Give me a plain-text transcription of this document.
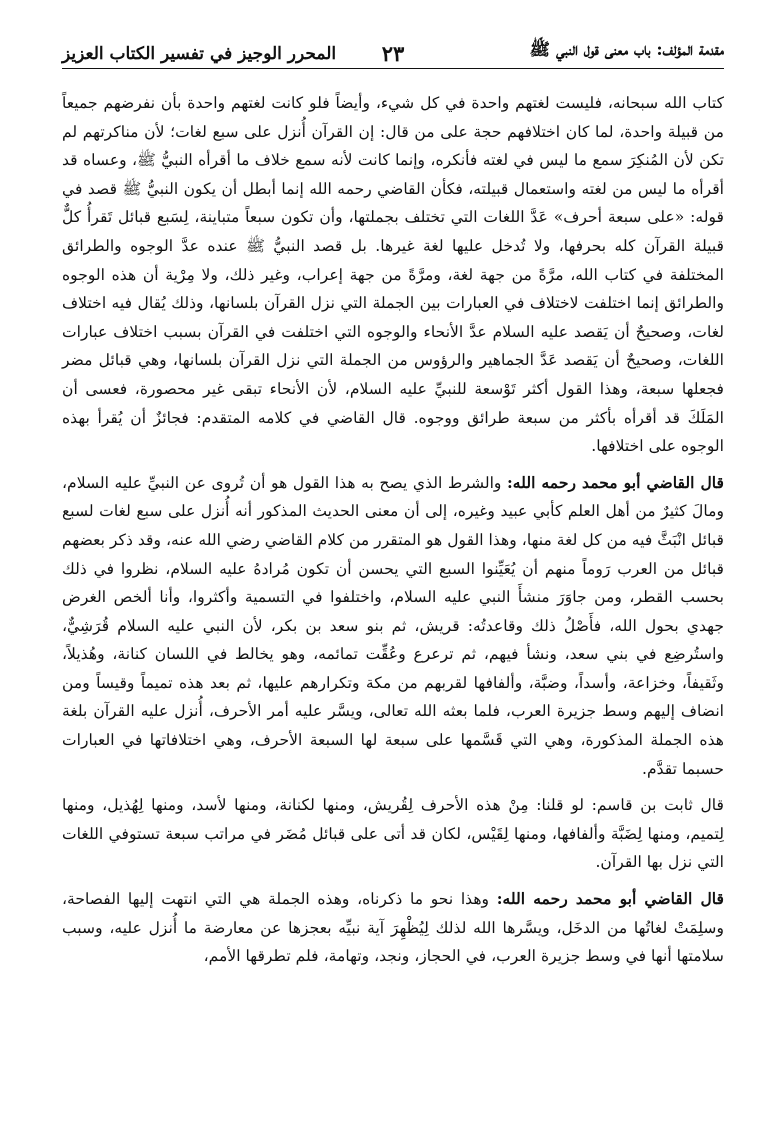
مقدمة المؤلف: باب معنى قول النبي ﷺ
٢٣
المحرر الوجيز في تفسير الكتاب العزيز

كتاب الله سبحانه، فليست لغتهم واحدة في كل شيء، وأيضاً فلو كانت لغتهم واحدة بأن نفرضهم جميعاً من قبيلة واحدة، لما كان اختلافهم حجة على من قال: إن القرآن أُنزل على سبع لغات؛ لأن مناكرتهم لم تكن لأن المُنكِرَ سمع ما ليس في لغته فأنكره، وإنما كانت لأنه سمع خلاف ما أقرأه النبيُّ ﷺ، وعساه قد أقرأه ما ليس من لغته واستعمال قبيلته، فكأن القاضي رحمه الله إنما أبطل أن يكون النبيُّ ﷺ قصد في قوله: «على سبعة أحرف» عَدَّ اللغات التي تختلف بجملتها، وأن تكون سبعاً متباينة، لِسَبع قبائل تَقرأُ كلٌّ قبيلة القرآن كله بحرفها، ولا تُدخل عليها لغة غيرها. بل قصد النبيُّ ﷺ عنده عدَّ الوجوه والطرائق المختلفة في كتاب الله، مرَّةً من جهة لغة، ومرَّةً من جهة إعراب، وغير ذلك، ولا مِرْية أن هذه الوجوه والطرائق إنما اختلفت لاختلاف في العبارات بين الجملة التي نزل القرآن بلسانها، وذلك يُقال فيه اختلاف لغات، وصحيحٌ أن يَقصد عليه السلام عدَّ الأنحاء والوجوه التي اختلفت في القرآن بسبب اختلاف عبارات اللغات، وصحيحٌ أن يَقصد عَدَّ الجماهير والرؤوس من الجملة التي نزل القرآن بلسانها، وهي قبائل مضر فجعلها سبعة، وهذا القول أكثر تَوْسعة للنبيِّ عليه السلام، لأن الأنحاء تبقى غير محصورة، فعسى أن المَلَكَ قد أقرأه بأكثر من سبعة طرائق ووجوه. قال القاضي في كلامه المتقدم: فجائزٌ أن يُقرأ بهذه الوجوه على اختلافها.

قال القاضي أبو محمد رحمه الله: والشرط الذي يصح به هذا القول هو أن تُروى عن النبيِّ عليه السلام، ومالَ كثيرٌ من أهل العلم كأبي عبيد وغيره، إلى أن معنى الحديث المذكور أنه أُنزل على سبع لغات لسبع قبائل انْبَثَّ فيه من كل لغة منها، وهذا القول هو المتقرر من كلام القاضي رضي الله عنه، وقد ذكر بعضهم قبائل من العرب رَوماً منهم أن يُعَيِّنوا السبع التي يحسن أن تكون مُرادهُ عليه السلام، نظروا في ذلك بحسب القطر، ومن جاوَرَ منشأَ النبي عليه السلام، واختلفوا في التسمية وأكثروا، وأنا ألخص الغرض جهدي بحول الله، فأَصْلُ ذلك وقاعدتُه: قريش، ثم بنو سعد بن بكر، لأن النبي عليه السلام قُرَشِيٌّ، واستُرضِع في بني سعد، ونشأ فيهم، ثم ترعرع وعُقِّت تمائمه، وهو يخالط في اللسان كنانة، وهُذيلاً، وثَقيفاً، وخزاعة، وأسداً، وضبَّة، وألفافها لقربهم من مكة وتكرارهم عليها، ثم بعد هذه تميماً وقيساً ومن انضاف إليهم وسط جزيرة العرب، فلما بعثه الله تعالى، ويسَّر عليه أمر الأحرف، أُنزل عليه القرآن بلغة هذه الجملة المذكورة، وهي التي قَسَّمها على سبعة لها السبعة الأحرف، وهي اختلافاتها في العبارات حسبما تقدَّم.

قال ثابت بن قاسم: لو قلنا: مِنْ هذه الأحرف لِقُريش، ومنها لكنانة، ومنها لأسد، ومنها لِهُذيل، ومنها لِتميم، ومنها لِضَبَّة وألفافها، ومنها لِقَيْس، لكان قد أتى على قبائل مُضَر في مراتب سبعة تستوفي اللغات التي نزل بها القرآن.

قال القاضي أبو محمد رحمه الله: وهذا نحو ما ذكرناه، وهذه الجملة هي التي انتهت إليها الفصاحة، وسلِمَتْ لغاتُها من الدخَل، ويسَّرها الله لذلك لِيُظْهِرَ آية نبيِّه بعجزها عن معارضة ما أُنزل عليه، وسبب سلامتها أنها في وسط جزيرة العرب، في الحجاز، ونجد، وتهامة، فلم تطرقها الأمم،
